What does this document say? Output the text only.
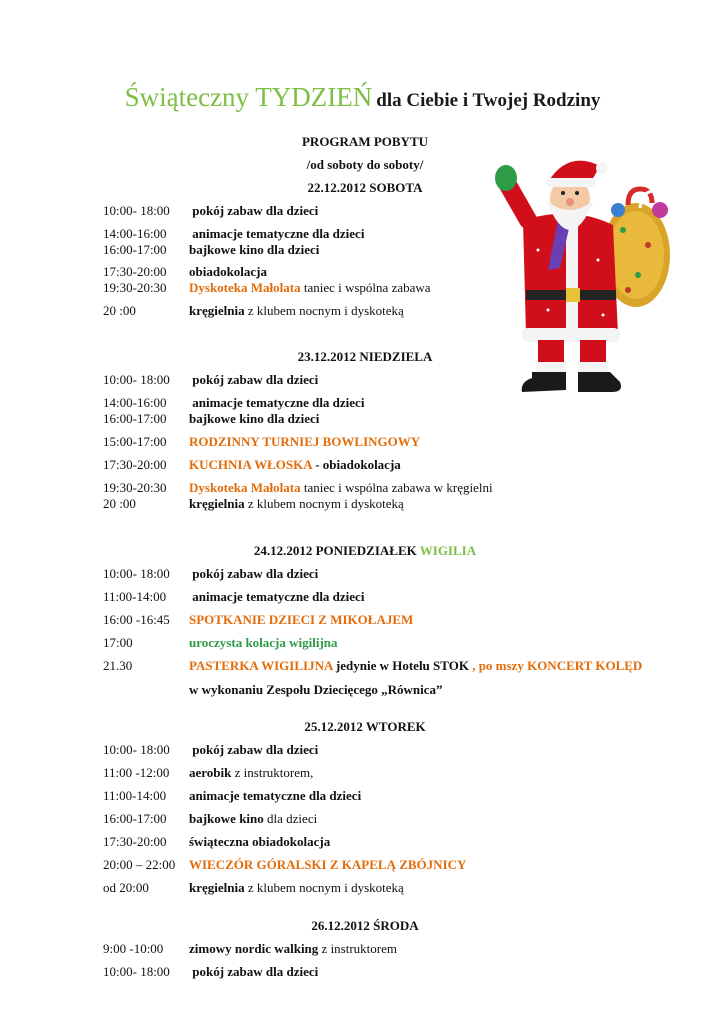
Świąteczny TYDZIEŃ dla Ciebie i Twojej Rodziny
PROGRAM POBYTU
/od soboty do soboty/
22.12.2012 SOBOTA
10:00- 18:00 pokój zabaw dla dzieci
14:00-16:00 animacje tematyczne dla dzieci
16:00-17:00 bajkowe kino dla dzieci
17:30-20:00 obiadokolacja
19:30-20:30 Dyskoteka Małolata taniec i wspólna zabawa
20 :00	kręgielnia z klubem nocnym i dyskoteką
23.12.2012 NIEDZIELA
10:00- 18:00 pokój zabaw dla dzieci
14:00-16:00 animacje tematyczne dla dzieci
16:00-17:00 bajkowe kino dla dzieci
15:00-17:00 RODZINNY TURNIEJ BOWLINGOWY
17:30-20:00 KUCHNIA WŁOSKA - obiadokolacja
19:30-20:30 Dyskoteka Małolata taniec i wspólna zabawa w kręgielni
20 :00	kręgielnia z klubem nocnym i dyskoteką
24.12.2012 PONIEDZIAŁEK WIGILIA
10:00- 18:00 pokój zabaw dla dzieci
11:00-14:00 animacje tematyczne dla dzieci
16:00 -16:45 SPOTKANIE DZIECI Z MIKOŁAJEM
17:00	uroczysta kolacja wigilijna
21.30	PASTERKA WIGILIJNA jedynie w Hotelu STOK , po mszy KONCERT KOLĘD
w wykonaniu Zespołu Dziecięcego „Równica”
25.12.2012 WTOREK
10:00- 18:00 pokój zabaw dla dzieci
11:00 -12:00 aerobik z instruktorem,
11:00-14:00 animacje tematyczne dla dzieci
16:00-17:00 bajkowe kino dla dzieci
17:30-20:00 świąteczna obiadokolacja
20:00 – 22:00 WIECZÓR GÓRALSKI Z KAPELĄ ZBÓJNICY
od 20:00	kręgielnia z klubem nocnym i dyskoteką
26.12.2012 ŚRODA
9:00 -10:00 zimowy nordic walking z instruktorem
10:00- 18:00 pokój zabaw dla dzieci
